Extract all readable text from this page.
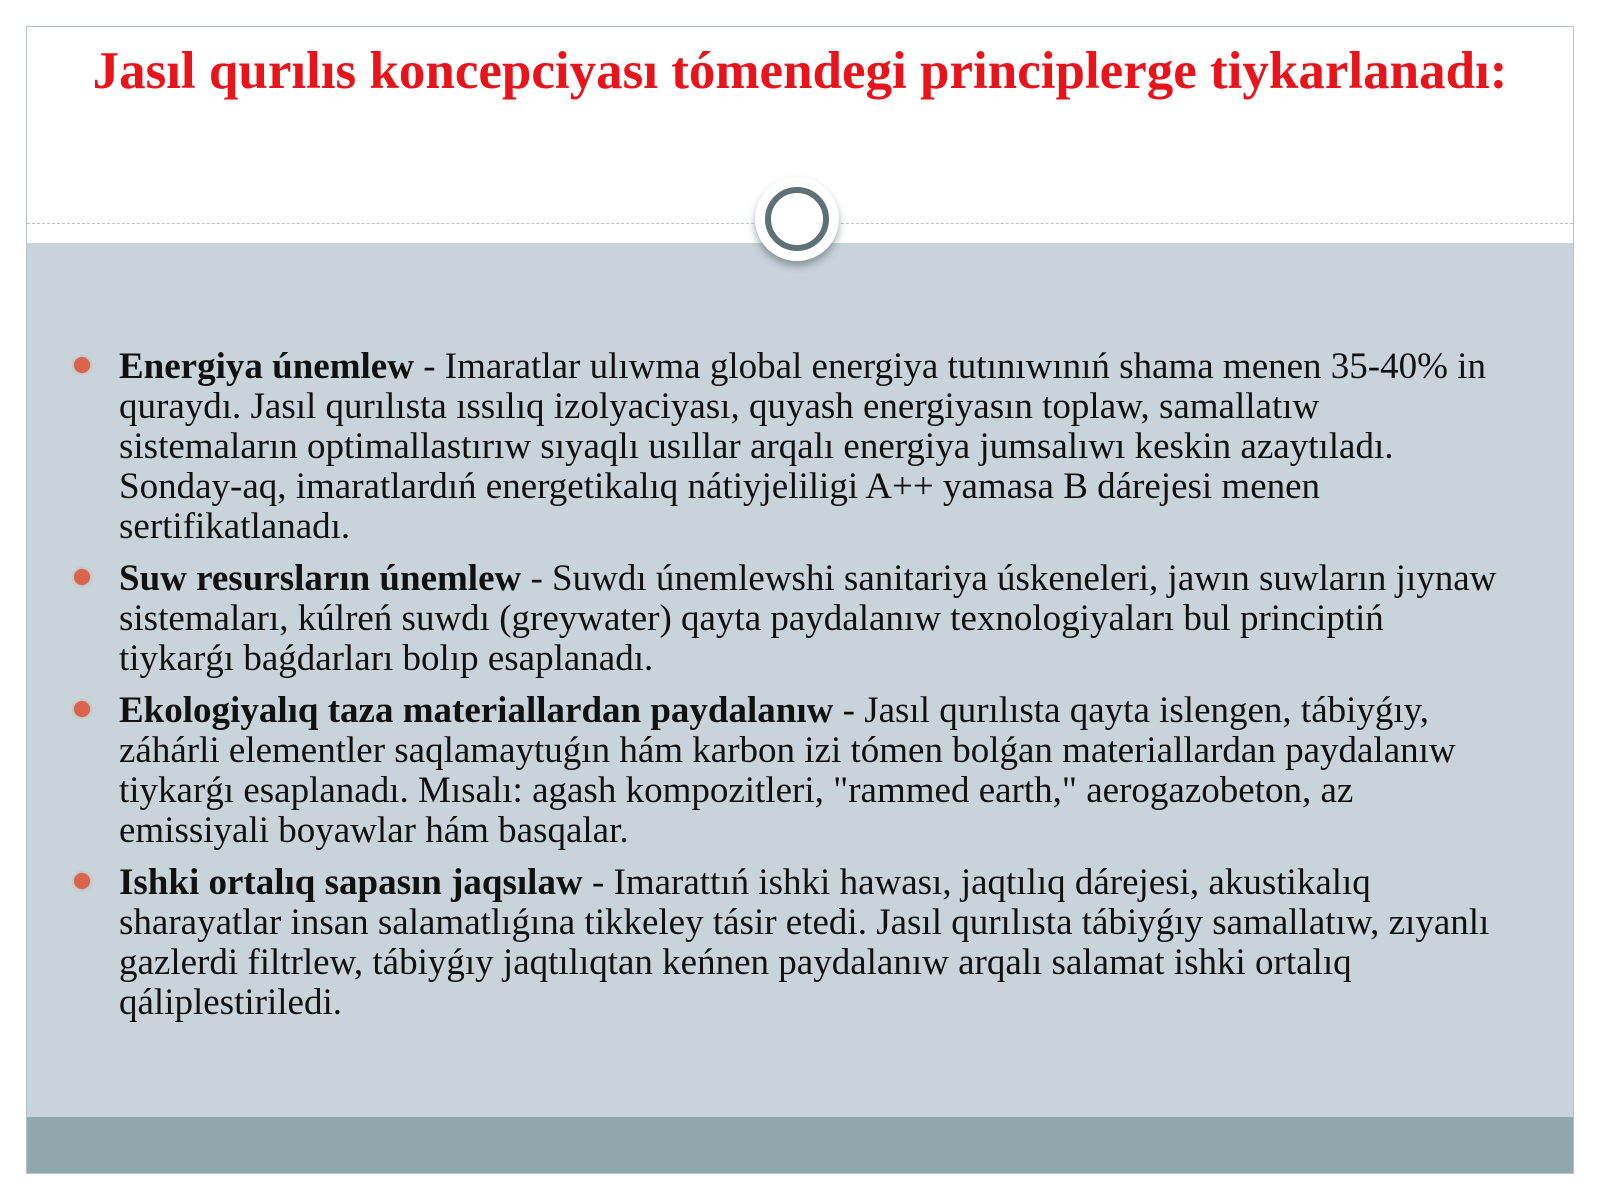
Jasıl qurılıs koncepciyası tómendegi principlerge tiykarlanadı:
Energiya únemlew - Imaratlar ulıwma global energiya tutınıwınıń shama menen 35-40% in quraydı. Jasıl qurılısta ıssılıq izolyaciyası, quyash energiyasın toplaw, samallatıw sistemaların optimallastırıw sıyaqlı usıllar arqalı energiya jumsalıwı keskin azaytıladı. Sonday-aq, imaratlardıń energetikalıq nátiyjeliligi A++ yamasa B dárejesi menen sertifikatlanadı.
Suw resursların únemlew - Suwdı únemlewshi sanitariya úskeneleri, jawın suwların jıynaw sistemaları, kúlreń suwdı (greywater) qayta paydalanıw texnologiyaları bul principtiń tiykarǵı baǵdarları bolıp esaplanadı.
Ekologiyalıq taza materiallardan paydalanıw - Jasıl qurılısta qayta islengen, tábiyǵıy, záhárli elementler saqlamaytuǵın hám karbon izi tómen bolǵan materiallardan paydalanıw tiykarǵı esaplanadı. Mısalı: agash kompozitleri, "rammed earth," aerogazobeton, az emissiyali boyawlar hám basqalar.
Ishki ortalıq sapasın jaqsılaw - Imarattıń ishki hawası, jaqtılıq dárejesi, akustikalıq sharayatlar insan salamatlıǵına tikkeley tásir etedi. Jasıl qurılısta tábiyǵıy samallatıw, zıyanlı gazlerdi filtrlew, tábiyǵıy jaqtılıqtan keńnen paydalanıw arqalı salamat ishki ortalıq qáliplestiriledi.
